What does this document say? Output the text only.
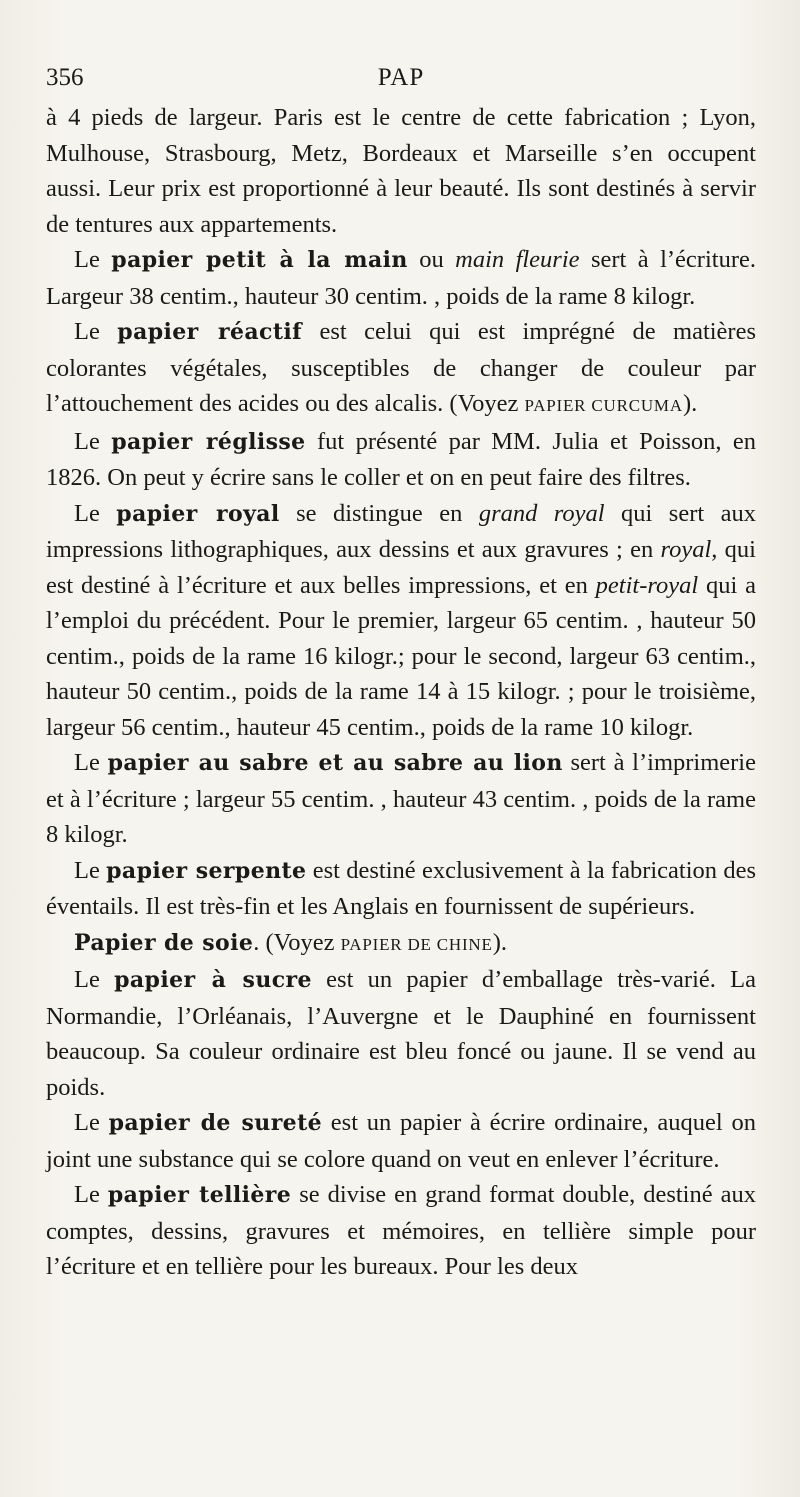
356	PAP

à 4 pieds de largeur. Paris est le centre de cette fabrication ; Lyon, Mulhouse, Strasbourg, Metz, Bordeaux et Marseille s’en occupent aussi. Leur prix est proportionné à leur beauté. Ils sont destinés à servir de tentures aux appartements.

Le papier petit à la main ou main fleurie sert à l’écriture. Largeur 38 centim., hauteur 30 centim. , poids de la rame 8 kilogr.

Le papier réactif est celui qui est imprégné de matières colorantes végétales, susceptibles de changer de couleur par l’attouchement des acides ou des alcalis. (Voyez PAPIER CURCUMA).

Le papier réglisse fut présenté par MM. Julia et Poisson, en 1826. On peut y écrire sans le coller et on en peut faire des filtres.

Le papier royal se distingue en grand royal qui sert aux impressions lithographiques, aux dessins et aux gravures ; en royal, qui est destiné à l’écriture et aux belles impressions, et en petit-royal qui a l’emploi du précédent. Pour le premier, largeur 65 centim. , hauteur 50 centim., poids de la rame 16 kilogr.; pour le second, largeur 63 centim., hauteur 50 centim., poids de la rame 14 à 15 kilogr. ; pour le troisième, largeur 56 centim., hauteur 45 centim., poids de la rame 10 kilogr.

Le papier au sabre et au sabre au lion sert à l’imprimerie et à l’écriture ; largeur 55 centim. , hauteur 43 centim. , poids de la rame 8 kilogr.

Le papier serpente est destiné exclusivement à la fabrication des éventails. Il est très-fin et les Anglais en fournissent de supérieurs.

Papier de soie. (Voyez PAPIER DE CHINE).

Le papier à sucre est un papier d’emballage très-varié. La Normandie, l’Orléanais, l’Auvergne et le Dauphiné en fournissent beaucoup. Sa couleur ordinaire est bleu foncé ou jaune. Il se vend au poids.

Le papier de sureté est un papier à écrire ordinaire, auquel on joint une substance qui se colore quand on veut en enlever l’écriture.

Le papier tellière se divise en grand format double, destiné aux comptes, dessins, gravures et mémoires, en tellière simple pour l’écriture et en tellière pour les bureaux. Pour les deux
